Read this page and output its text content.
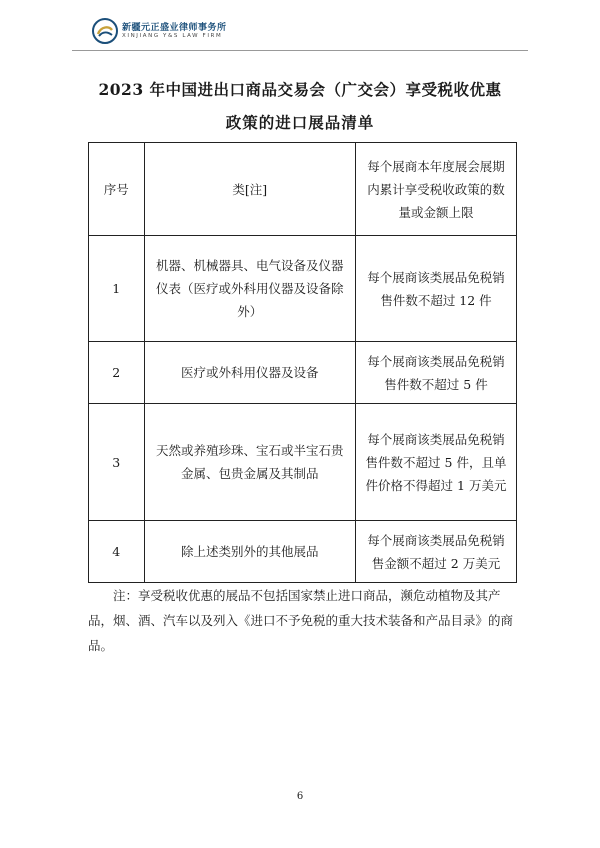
新疆元正盛业律师事务所
XINJIANG Y&S LAW FIRM
2023 年中国进出口商品交易会（广交会）享受税收优惠
政策的进口展品清单
序号	类[注]	每个展商本年度展会展期内累计享受税收政策的数量或金额上限
1	机器、机械器具、电气设备及仪器仪表（医疗或外科用仪器及设备除外）	每个展商该类展品免税销售件数不超过 12 件
2	医疗或外科用仪器及设备	每个展商该类展品免税销售件数不超过 5 件
3	天然或养殖珍珠、宝石或半宝石贵金属、包贵金属及其制品	每个展商该类展品免税销售件数不超过 5 件，且单件价格不得超过 1 万美元
4	除上述类别外的其他展品	每个展商该类展品免税销售金额不超过 2 万美元
注：享受税收优惠的展品不包括国家禁止进口商品，濒危动植物及其产品，烟、酒、汽车以及列入《进口不予免税的重大技术装备和产品目录》的商品。
6
